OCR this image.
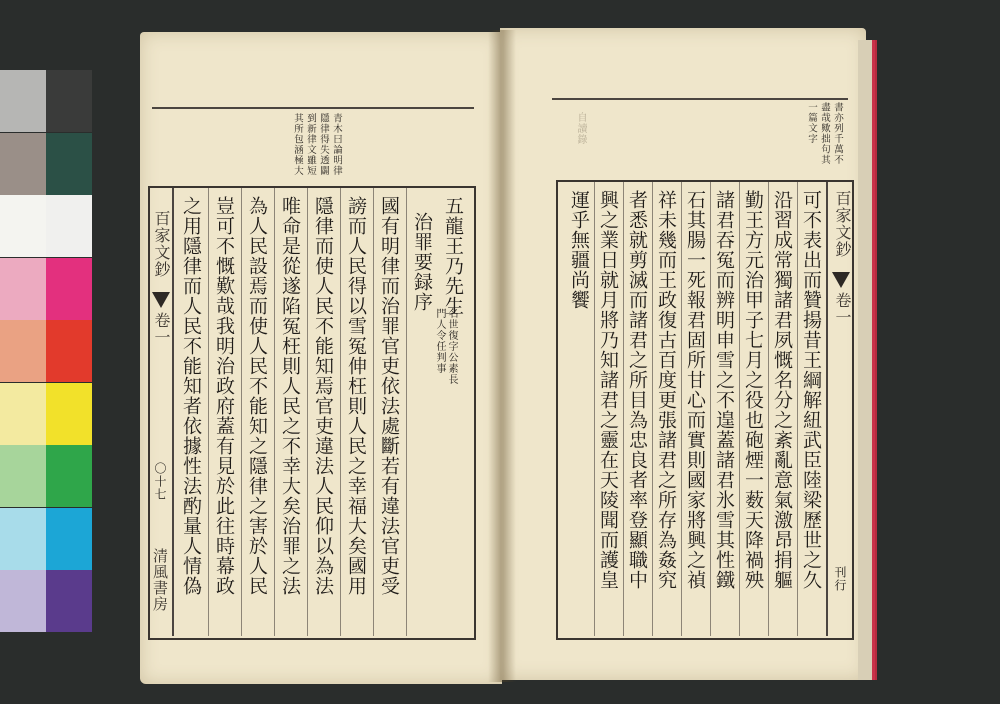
青木曰論明律
隱律得失透闢
到新律文雖短
其所包涵極大
百家文鈔
卷一
〇十七
清風書房
五龍王乃先生
名世復字公素長
門人令任判事
治罪要録序
國有明律而治罪官吏依法處斷若有違法官吏受
謗而人民得以雪冤伸枉則人民之幸福大矣國用
隱律而使人民不能知焉官吏違法人民仰以為法
唯命是從遂陷冤枉則人民之不幸大矣治罪之法
為人民設焉而使人民不能知之隱律之害於人民
豈可不慨歎哉我明治政府蓋有見於此往時幕政
之用隱律而人民不能知者依據性法酌量人情偽
書亦列千萬不
盡哉歟拙句其
一篇文字
自讀錄
百家文鈔
卷一
刊行
可不表出而贊揚昔王綱解紐武臣陸梁歷世之久
沿習成常獨諸君夙慨名分之紊亂意氣激昂捐軀
勤王方元治甲子七月之役也砲煙一薮天降禍殃
諸君吞冤而辨明申雪之不遑蓋諸君氷雪其性鐵
石其腸一死報君固所甘心而實則國家將興之禎
祥未幾而王政復古百度更張諸君之所存為姦究
者悉就剪滅而諸君之所目為忠良者率登顯職中
興之業日就月將乃知諸君之靈在天陵聞而護皇
運乎無疆尚饗
